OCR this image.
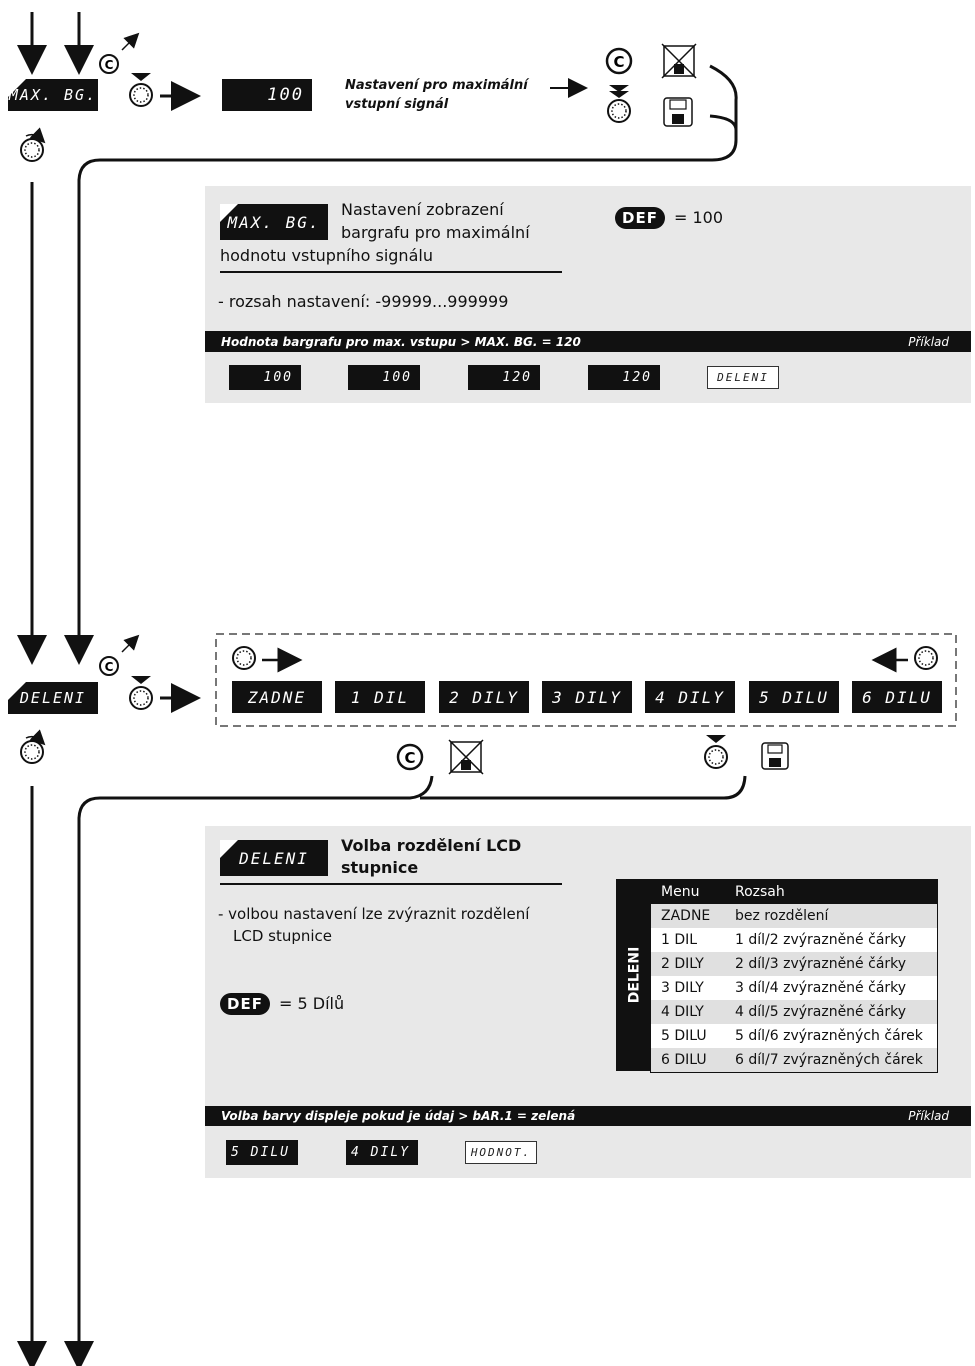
C	C
C
C
MAX. BG.	100	Nastavení pro maximální
vstupní signál
MAX. BG.
Nastavení zobrazení
bargrafu pro maximální
hodnotu vstupního signálu
DEF	= 100
- rozsah nastavení: -99999...999999
Hodnota bargrafu pro max. vstupu > MAX. BG. = 120	Příklad
100	100	120	120	DELENI
DELENI	ZADNE	1 DIL	2 DILY 3 DILY 4 DILY 5 DILU 6 DILU
DELENI
Volba rozdělení LCD
stupnice
- volbou nastavení lze zvýraznit rozdělení
LCD stupnice
DEF	= 5 Dílů
DELENI
Menu	Rozsah
ZADNE	bez rozdělení
1 DIL	1 díl/2 zvýrazněné čárky
2 DILY	2 díl/3 zvýrazněné čárky
3 DILY	3 díl/4 zvýrazněné čárky
4 DILY	4 díl/5 zvýrazněné čárky
5 DILU	5 díl/6 zvýrazněných čárek
6 DILU	6 díl/7 zvýrazněných čárek
Volba barvy displeje pokud je údaj > bAR.1 = zelená	Příklad
5 DILU	4 DILY	HODNOT.
